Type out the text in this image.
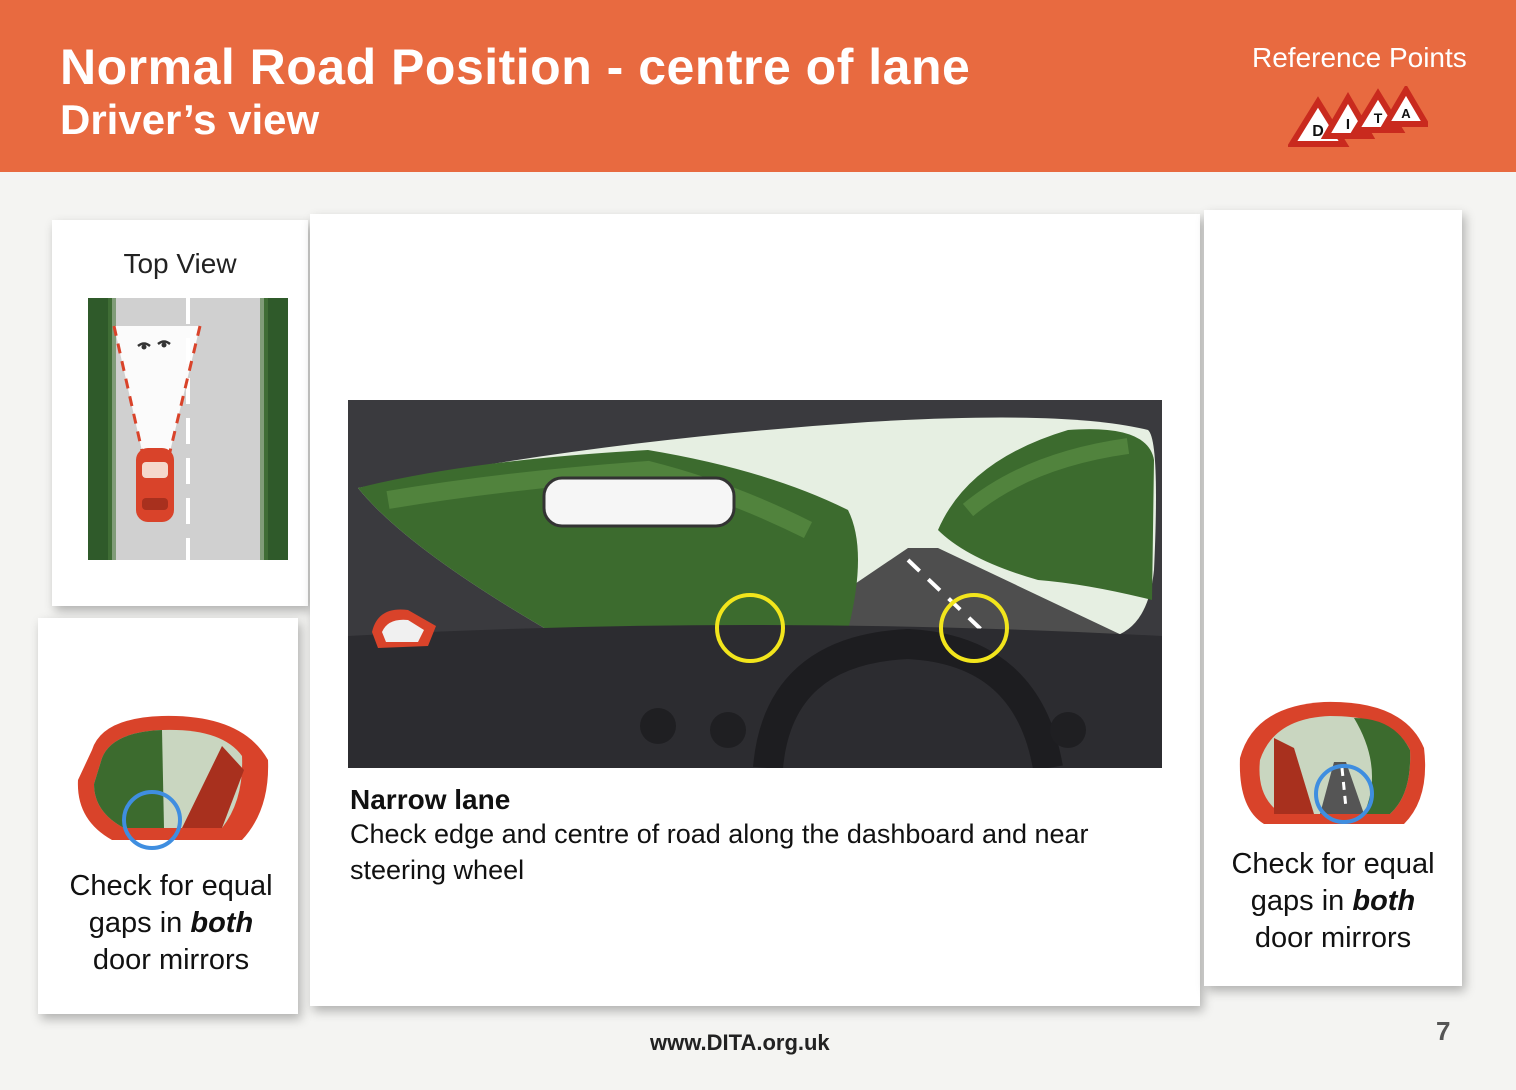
Normal Road Position - centre of lane
Driver’s view
Reference Points
D I T A
Top View
Check for equal
gaps in both
door mirrors
Narrow lane
Check edge and centre of road along the dashboard and near steering wheel	Check for equal
gaps in both
door mirrors
www.DITA.org.uk	7
